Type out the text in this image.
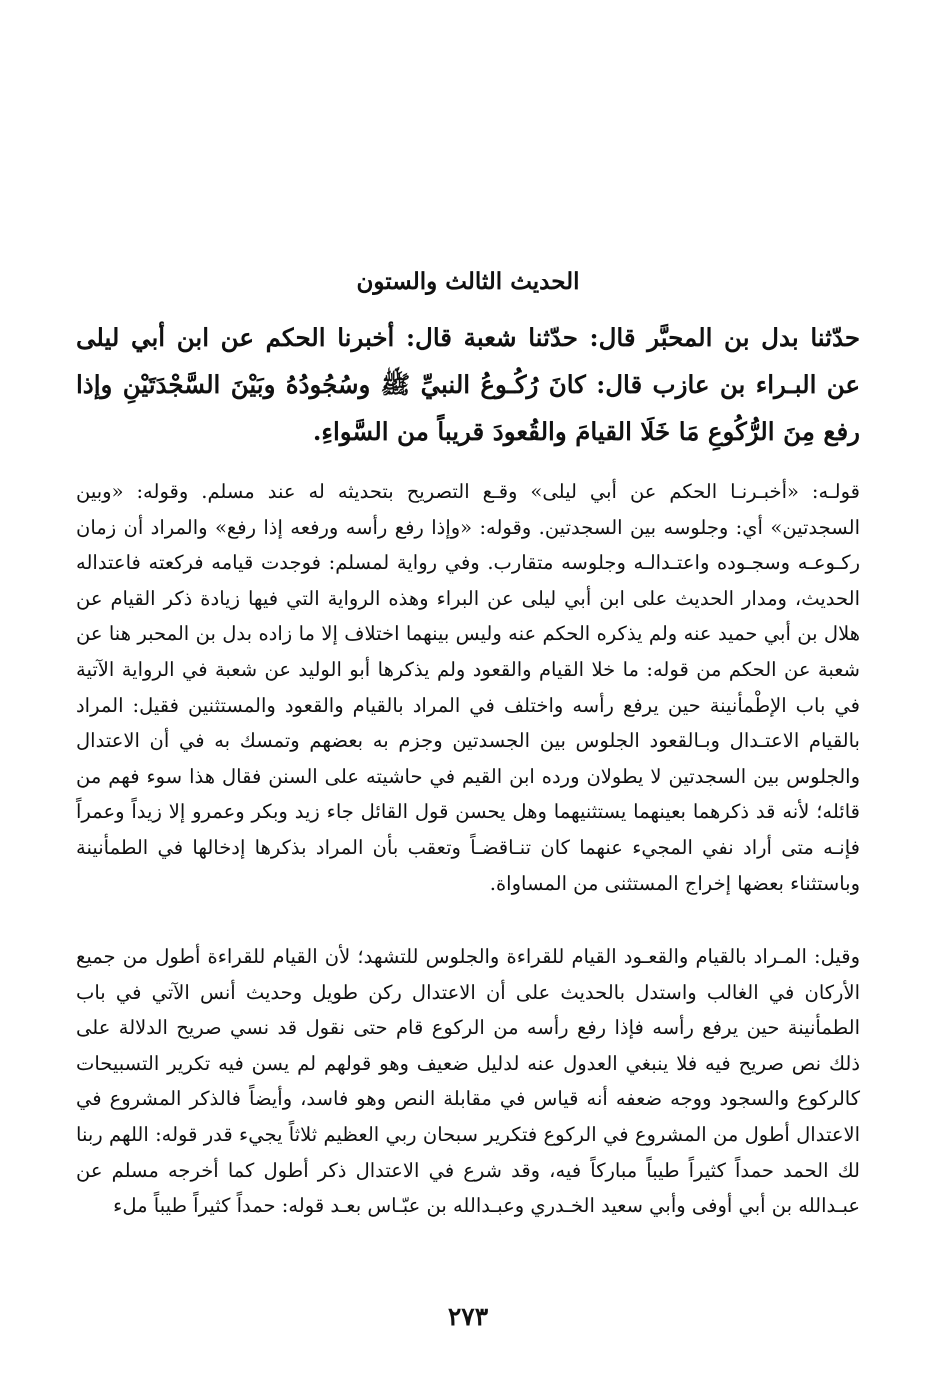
الحديث الثالث والستون

حدّثنا بدل بن المحبَّر قال: حدّثنا شعبة قال: أخبرنا الحكم عن ابن أبي ليلى عن البـراء بن عازب قال: كانَ رُكُـوعُ النبيِّ ﷺ وسُجُودُهُ وبَيْنَ السَّجْدَتَيْنِ وإذا رفع مِنَ الرُّكُوعِ مَا خَلَا القيامَ والقُعودَ قريباً من السَّواءِ.

قولـه: «أخبـرنـا الحكم عن أبي ليلى» وقـع التصريح بتحديثه له عند مسلم. وقوله: «وبين السجدتين» أي: وجلوسه بين السجدتين. وقوله: «وإذا رفع رأسه ورفعه إذا رفع» والمراد أن زمان ركـوعـه وسجـوده واعتـدالـه وجلوسه متقارب. وفي رواية لمسلم: فوجدت قيامه فركعته فاعتداله الحديث، ومدار الحديث على ابن أبي ليلى عن البراء وهذه الرواية التي فيها زيادة ذكر القيام عن هلال بن أبي حميد عنه ولم يذكره الحكم عنه وليس بينهما اختلاف إلا ما زاده بدل بن المحبر هنا عن شعبة عن الحكم من قوله: ما خلا القيام والقعود ولم يذكرها أبو الوليد عن شعبة في الرواية الآتية في باب الإطْمأنينة حين يرفع رأسه واختلف في المراد بالقيام والقعود والمستثنين فقيل: المراد بالقيام الاعتـدال وبـالقعود الجلوس بين الجسدتين وجزم به بعضهم وتمسك به في أن الاعتدال والجلوس بين السجدتين لا يطولان ورده ابن القيم في حاشيته على السنن فقال هذا سوء فهم من قائله؛ لأنه قد ذكرهما بعينهما يستثنيهما وهل يحسن قول القائل جاء زيد وبكر وعمرو إلا زيداً وعمراً فإنـه متى أراد نفي المجيء عنهما كان تنـاقضـاً وتعقب بأن المراد بذكرها إدخالها في الطمأنينة وباستثناء بعضها إخراج المستثنى من المساواة.

وقيل: المـراد بالقيام والقعـود القيام للقراءة والجلوس للتشهد؛ لأن القيام للقراءة أطول من جميع الأركان في الغالب واستدل بالحديث على أن الاعتدال ركن طويل وحديث أنس الآتي في باب الطمأنينة حين يرفع رأسه فإذا رفع رأسه من الركوع قام حتى نقول قد نسي صريح الدلالة على ذلك نص صريح فيه فلا ينبغي العدول عنه لدليل ضعيف وهو قولهم لم يسن فيه تكرير التسبيحات كالركوع والسجود ووجه ضعفه أنه قياس في مقابلة النص وهو فاسد، وأيضاً فالذكر المشروع في الاعتدال أطول من المشروع في الركوع فتكرير سبحان ربي العظيم ثلاثاً يجيء قدر قوله: اللهم ربنا لك الحمد حمداً كثيراً طيباً مباركاً فيه، وقد شرع في الاعتدال ذكر أطول كما أخرجه مسلم عن عبـدالله بن أبي أوفى وأبي سعيد الخـدري وعبـدالله بن عبّـاس بعـد قوله: حمداً كثيراً طيباً ملء

٢٧٣
